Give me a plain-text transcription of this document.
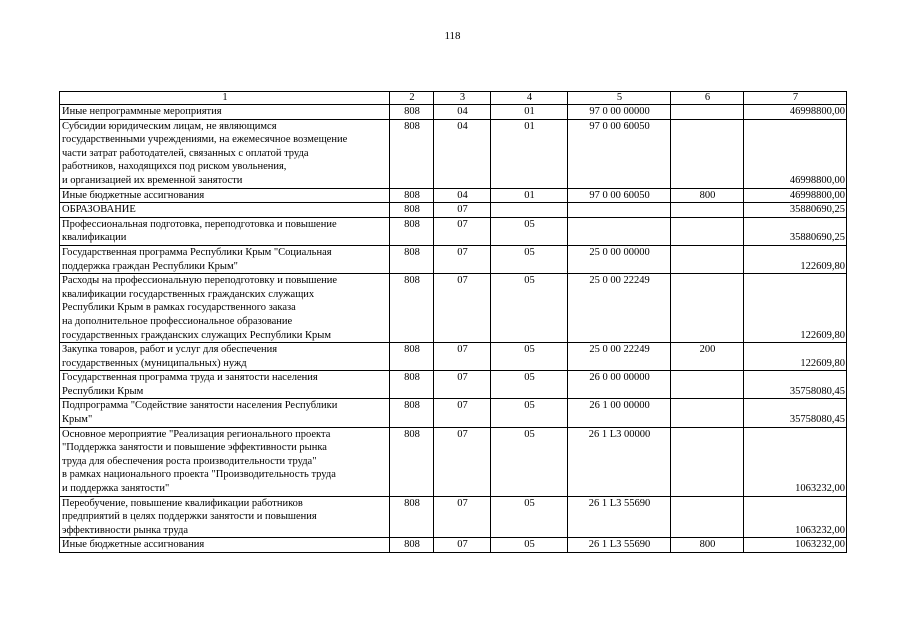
118
1	2	3	4	5	6	7

Иные непрограммные мероприятия	808	04	01	97 0 00 00000		46998800,00

Субсидии юридическим лицам, не являющимся
государственными учреждениями, на ежемесячное возмещение
части затрат работодателей, связанных с оплатой труда
работников, находящихся под риском увольнения,
и организацией их временной занятости	808	04	01	97 0 00 60050		46998800,00

Иные бюджетные ассигнования	808	04	01	97 0 00 60050	800	46998800,00

ОБРАЗОВАНИЕ	808	07				35880690,25

Профессиональная подготовка, переподготовка и повышение
квалификации	808	07	05			35880690,25

Государственная программа Республики Крым "Социальная
поддержка граждан Республики Крым"	808	07	05	25 0 00 00000		122609,80

Расходы на профессиональную переподготовку и повышение
квалификации государственных гражданских служащих
Республики Крым в рамках государственного заказа
на дополнительное профессиональное образование
государственных гражданских служащих Республики Крым	808	07	05	25 0 00 22249		122609,80

Закупка товаров, работ и услуг для обеспечения
государственных (муниципальных) нужд	808	07	05	25 0 00 22249	200	122609,80

Государственная программа труда и занятости населения
Республики Крым	808	07	05	26 0 00 00000		35758080,45

Подпрограмма "Содействие занятости населения Республики
Крым"	808	07	05	26 1 00 00000		35758080,45

Основное мероприятие "Реализация регионального проекта
"Поддержка занятости и повышение эффективности рынка
труда для обеспечения роста производительности труда"
в рамках национального проекта "Производительность труда
и поддержка занятости"	808	07	05	26 1 L3 00000		1063232,00

Переобучение, повышение квалификации работников
предприятий в целях поддержки занятости и повышения
эффективности рынка труда	808	07	05	26 1 L3 55690		1063232,00

Иные бюджетные ассигнования	808	07	05	26 1 L3 55690	800	1063232,00
